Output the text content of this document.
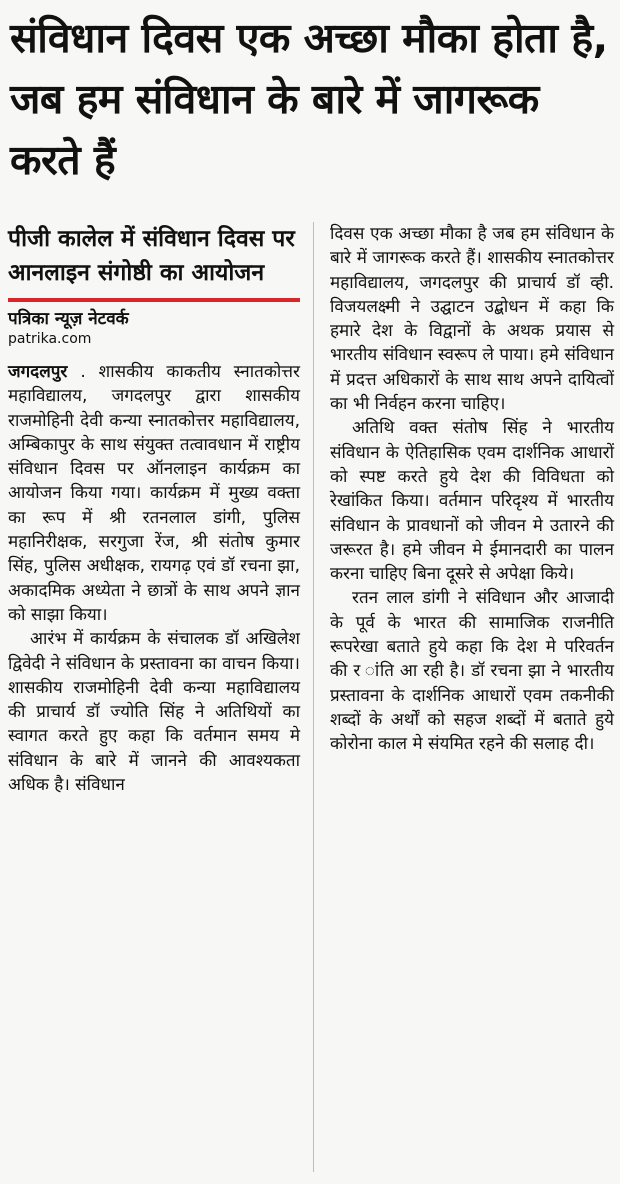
संविधान दिवस एक अच्छा मौका होता है, जब हम संविधान के बारे में जागरूक करते हैं
पीजी कालेल में संविधान दिवस पर आनलाइन संगोष्ठी का आयोजन
पत्रिका न्यूज़ नेटवर्क
patrika.com

जगदलपुर . शासकीय काकतीय स्नातकोत्तर महाविद्यालय, जगदलपुर द्वारा शासकीय राजमोहिनी देवी कन्या स्नातकोत्तर महाविद्यालय, अम्बिकापुर के साथ संयुक्त तत्वावधान में राष्ट्रीय संविधान दिवस पर ऑनलाइन कार्यक्रम का आयोजन किया गया। कार्यक्रम में मुख्य वक्ता का रूप में श्री रतनलाल डांगी, पुलिस महानिरीक्षक, सरगुजा रेंज, श्री संतोष कुमार सिंह, पुलिस अधीक्षक, रायगढ़ एवं डॉ रचना झा, अकादमिक अध्येता ने छात्रों के साथ अपने ज्ञान को साझा किया।

आरंभ में कार्यक्रम के संचालक डॉ अखिलेश द्विवेदी ने संविधान के प्रस्तावना का वाचन किया। शासकीय राजमोहिनी देवी कन्या महाविद्यालय की प्राचार्य डॉ ज्योति सिंह ने अतिथियों का स्वागत करते हुए कहा कि वर्तमान समय मे संविधान के बारे में जानने की आवश्यकता अधिक है। संविधान

दिवस एक अच्छा मौका है जब हम संविधान के बारे में जागरूक करते हैं। शासकीय स्नातकोत्तर महाविद्यालय, जगदलपुर की प्राचार्य डॉ व्ही. विजयलक्ष्मी ने उद्घाटन उद्बोधन में कहा कि हमारे देश के विद्वानों के अथक प्रयास से भारतीय संविधान स्वरूप ले पाया। हमे संविधान में प्रदत्त अधिकारों के साथ साथ अपने दायित्वों का भी निर्वहन करना चाहिए।

अतिथि वक्त संतोष सिंह ने भारतीय संविधान के ऐतिहासिक एवम दार्शनिक आधारों को स्पष्ट करते हुये देश की विविधता को रेखांकित किया। वर्तमान परिदृश्य में भारतीय संविधान के प्रावधानों को जीवन मे उतारने की जरूरत है। हमे जीवन मे ईमानदारी का पालन करना चाहिए बिना दूसरे से अपेक्षा किये।

रतन लाल डांगी ने संविधान और आजादी के पूर्व के भारत की सामाजिक राजनीति रूपरेखा बताते हुये कहा कि देश मे परिवर्तन की र ांति आ रही है। डॉ रचना झा ने भारतीय प्रस्तावना के दार्शनिक आधारों एवम तकनीकी शब्दों के अर्थों को सहज शब्दों में बताते हुये कोरोना काल मे संयमित रहने की सलाह दी।
